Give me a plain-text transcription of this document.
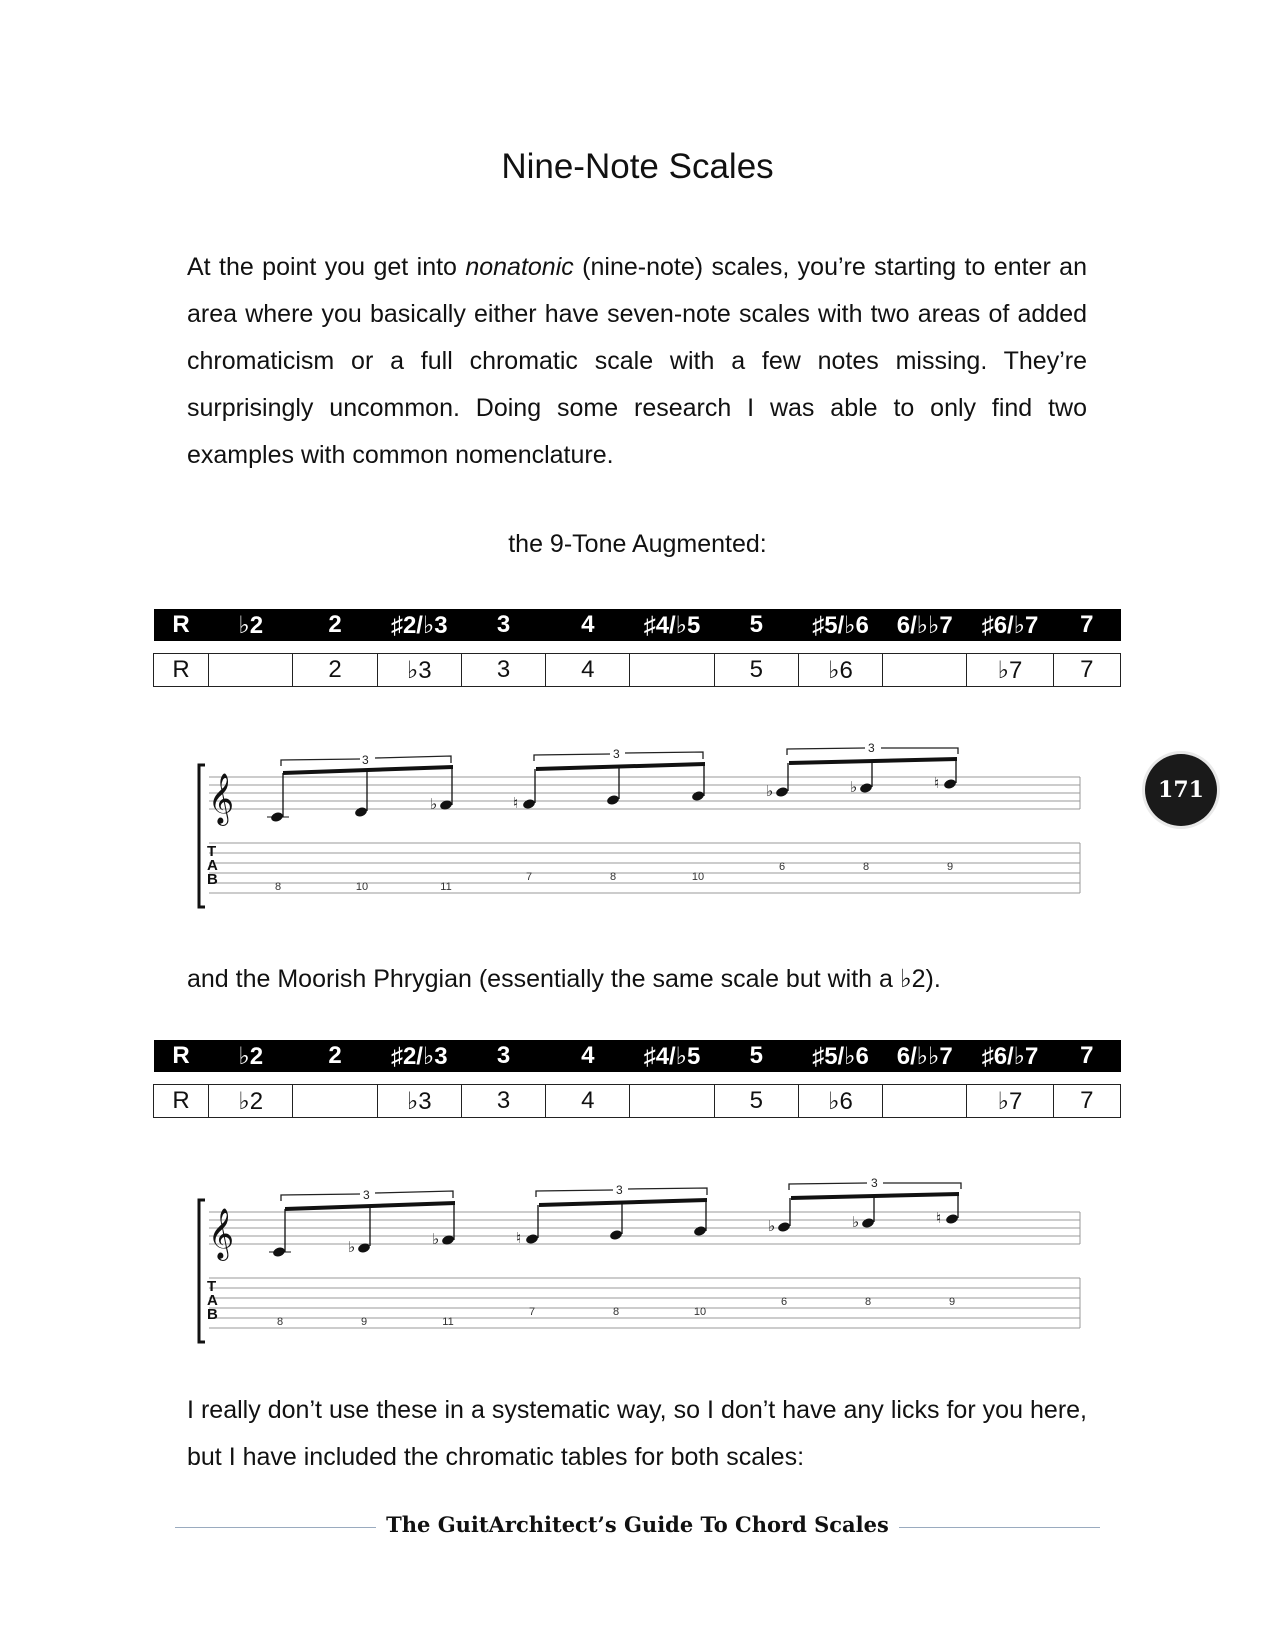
Nine-Note Scales
At the point you get into nonatonic (nine-note) scales, you’re starting to enter an area where you basically either have seven-note scales with two areas of added chromaticism or a full chromatic scale with a few notes missing. They’re surprisingly uncommon. Doing some research I was able to only find two examples with common nomenclature.
the 9-Tone Augmented:
R	♭2	2	♯2/♭3	3	4	♯4/♭5	5	♯5/♭6	6/♭♭7	♯6/♭7	7

R		2	♭3	3	4		5	♭6		♭7	7
𝄞
T
A
B
3	3	3
♭	♮
♭	♭	♮
8	10	11
7	8	10
6	8	9
171
and the Moorish Phrygian (essentially the same scale but with a ♭2).
R	♭2	2	♯2/♭3	3	4	♯4/♭5	5	♯5/♭6	6/♭♭7	♯6/♭7	7

R	♭2		♭3	3	4		5	♭6		♭7	7
𝄞
T
A
B
3	3	3
♭	♭	♮
♭	♭	♮
8	9	11
7	8	10
6	8	9
I really don’t use these in a systematic way, so I don’t have any licks for you here, but I have included the chromatic tables for both scales:
The GuitArchitect’s Guide To Chord Scales
